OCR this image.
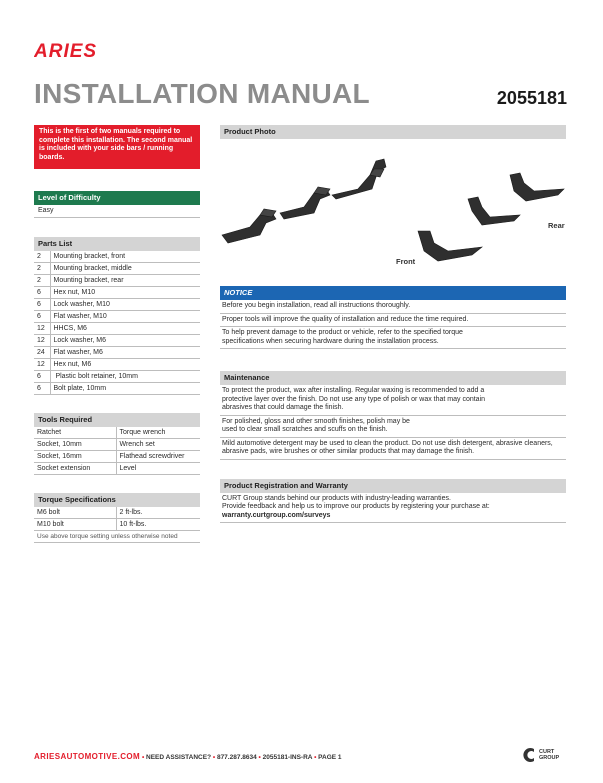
ARIES
INSTALLATION MANUAL	2055181
This is the first of two manuals required to complete this installation. The second manual is included with your side bars / running boards.
Level of Difficulty
Easy
Parts List
2	Mounting bracket, front
2	Mounting bracket, middle
2	Mounting bracket, rear
6	Hex nut, M10
6	Lock washer, M10
6	Flat washer, M10
12	HHCS, M6
12	Lock washer, M6
24	Flat washer, M6
12	Hex nut, M6
6	Plastic bolt retainer, 10mm
6	Bolt plate, 10mm
Tools Required
Ratchet	Torque wrench
Socket, 10mm	Wrench set
Socket, 16mm	Flathead screwdriver
Socket extension	Level
Torque Specifications
M6 bolt	2 ft-lbs.
M10 bolt	10 ft-lbs.
Use above torque setting unless otherwise noted
Product Photo
Front
Rear
NOTICE
Before you begin installation, read all instructions thoroughly.
Proper tools will improve the quality of installation and reduce the time required.
To help prevent damage to the product or vehicle, refer to the specified torque specifications when securing hardware during the installation process.
Maintenance
To protect the product, wax after installing. Regular waxing is recommended to add a protective layer over the finish. Do not use any type of polish or wax that may contain abrasives that could damage the finish.
For polished, gloss and other smooth finishes, polish may be used to clear small scratches and scuffs on the finish.
Mild automotive detergent may be used to clean the product. Do not use dish detergent, abrasive cleaners, abrasive pads, wire brushes or other similar products that may damage the finish.
Product Registration and Warranty
CURT Group stands behind our products with industry-leading warranties.
Provide feedback and help us to improve our products by registering your purchase at:
warranty.curtgroup.com/surveys
ARIESAUTOMOTIVE.COM • NEED ASSISTANCE? • 877.287.8634 • 2055181-INS-RA • PAGE 1
CURT
GROUP
